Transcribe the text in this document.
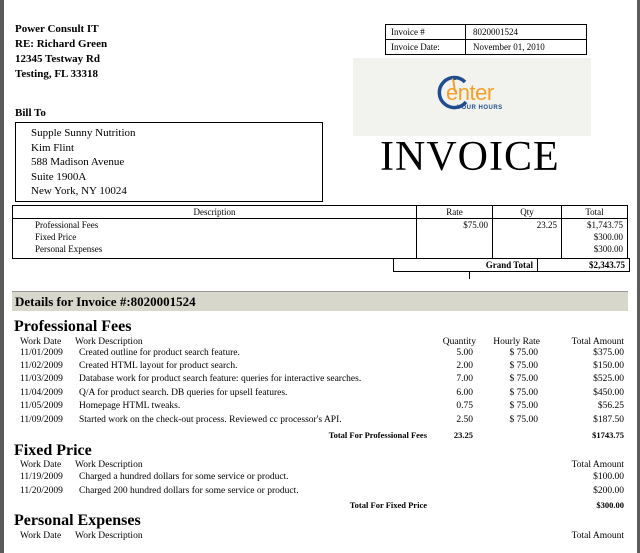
Power Consult IT
RE: Richard Green
12345 Testway Rd
Testing, FL 33318
Invoice #	8020001524
Invoice Date:	November 01, 2010
enter
YOUR HOURS
Bill To
Supple Sunny Nutrition
Kim Flint
588 Madison Avenue
Suite 1900A
New York, NY 10024
INVOICE
Description	Rate	Qty	Total
Professional Fees	$75.00	23.25	$1,743.75
Fixed Price			$300.00
Personal Expenses			$300.00
Grand Total	$2,343.75
Details for Invoice #:8020001524
Professional Fees
Work Date Work Description	Quantity	Hourly Rate	Total Amount
11/01/2009 Created outline for product search feature.	5.00	$ 75.00	$375.00
11/02/2009 Created HTML layout for product search.	2.00	$ 75.00	$150.00
11/03/2009 Database work for product search feature: queries for interactive searches.	7.00	$ 75.00	$525.00
11/04/2009 Q/A for product search. DB queries for upsell features.	6.00	$ 75.00	$450.00
11/05/2009 Homepage HTML tweaks.	0.75	$ 75.00	$56.25
11/09/2009 Started work on the check-out process. Reviewed cc processor's API.	2.50	$ 75.00	$187.50
Total For Professional Fees	23.25	$1743.75
Fixed Price
Work Date Work Description	Total Amount
11/19/2009 Charged a hundred dollars for some service or product.	$100.00
11/20/2009 Charged 200 hundred dollars for some service or product.	$200.00
Total For Fixed Price	$300.00
Personal Expenses
Work Date Work Description	Total Amount
